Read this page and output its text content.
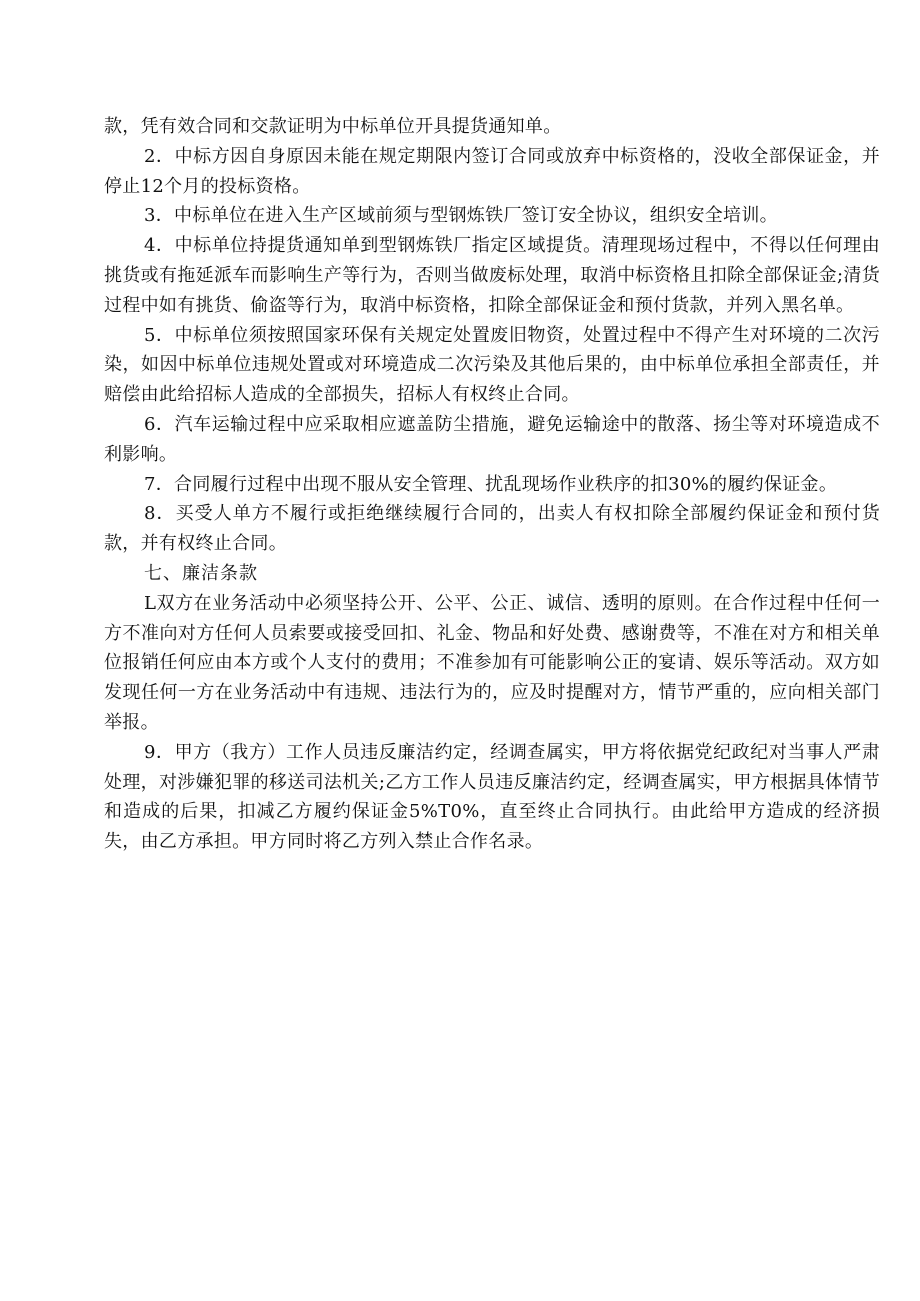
款，凭有效合同和交款证明为中标单位开具提货通知单。

2．中标方因自身原因未能在规定期限内签订合同或放弃中标资格的，没收全部保证金，并停止12个月的投标资格。

3．中标单位在进入生产区域前须与型钢炼铁厂签订安全协议，组织安全培训。

4．中标单位持提货通知单到型钢炼铁厂指定区域提货。清理现场过程中，不得以任何理由挑货或有拖延派车而影响生产等行为，否则当做废标处理，取消中标资格且扣除全部保证金;清货过程中如有挑货、偷盗等行为，取消中标资格，扣除全部保证金和预付货款，并列入黑名单。

5．中标单位须按照国家环保有关规定处置废旧物资，处置过程中不得产生对环境的二次污染，如因中标单位违规处置或对环境造成二次污染及其他后果的，由中标单位承担全部责任，并赔偿由此给招标人造成的全部损失，招标人有权终止合同。

6．汽车运输过程中应采取相应遮盖防尘措施，避免运输途中的散落、扬尘等对环境造成不利影响。

7．合同履行过程中出现不服从安全管理、扰乱现场作业秩序的扣30%的履约保证金。

8．买受人单方不履行或拒绝继续履行合同的，出卖人有权扣除全部履约保证金和预付货款，并有权终止合同。

七、廉洁条款

L双方在业务活动中必须坚持公开、公平、公正、诚信、透明的原则。在合作过程中任何一方不准向对方任何人员索要或接受回扣、礼金、物品和好处费、感谢费等，不准在对方和相关单位报销任何应由本方或个人支付的费用；不准参加有可能影响公正的宴请、娱乐等活动。双方如发现任何一方在业务活动中有违规、违法行为的，应及时提醒对方，情节严重的，应向相关部门举报。

9．甲方（我方）工作人员违反廉洁约定，经调查属实，甲方将依据党纪政纪对当事人严肃处理，对涉嫌犯罪的移送司法机关;乙方工作人员违反廉洁约定，经调查属实，甲方根据具体情节和造成的后果，扣减乙方履约保证金5%T0%，直至终止合同执行。由此给甲方造成的经济损失，由乙方承担。甲方同时将乙方列入禁止合作名录。
